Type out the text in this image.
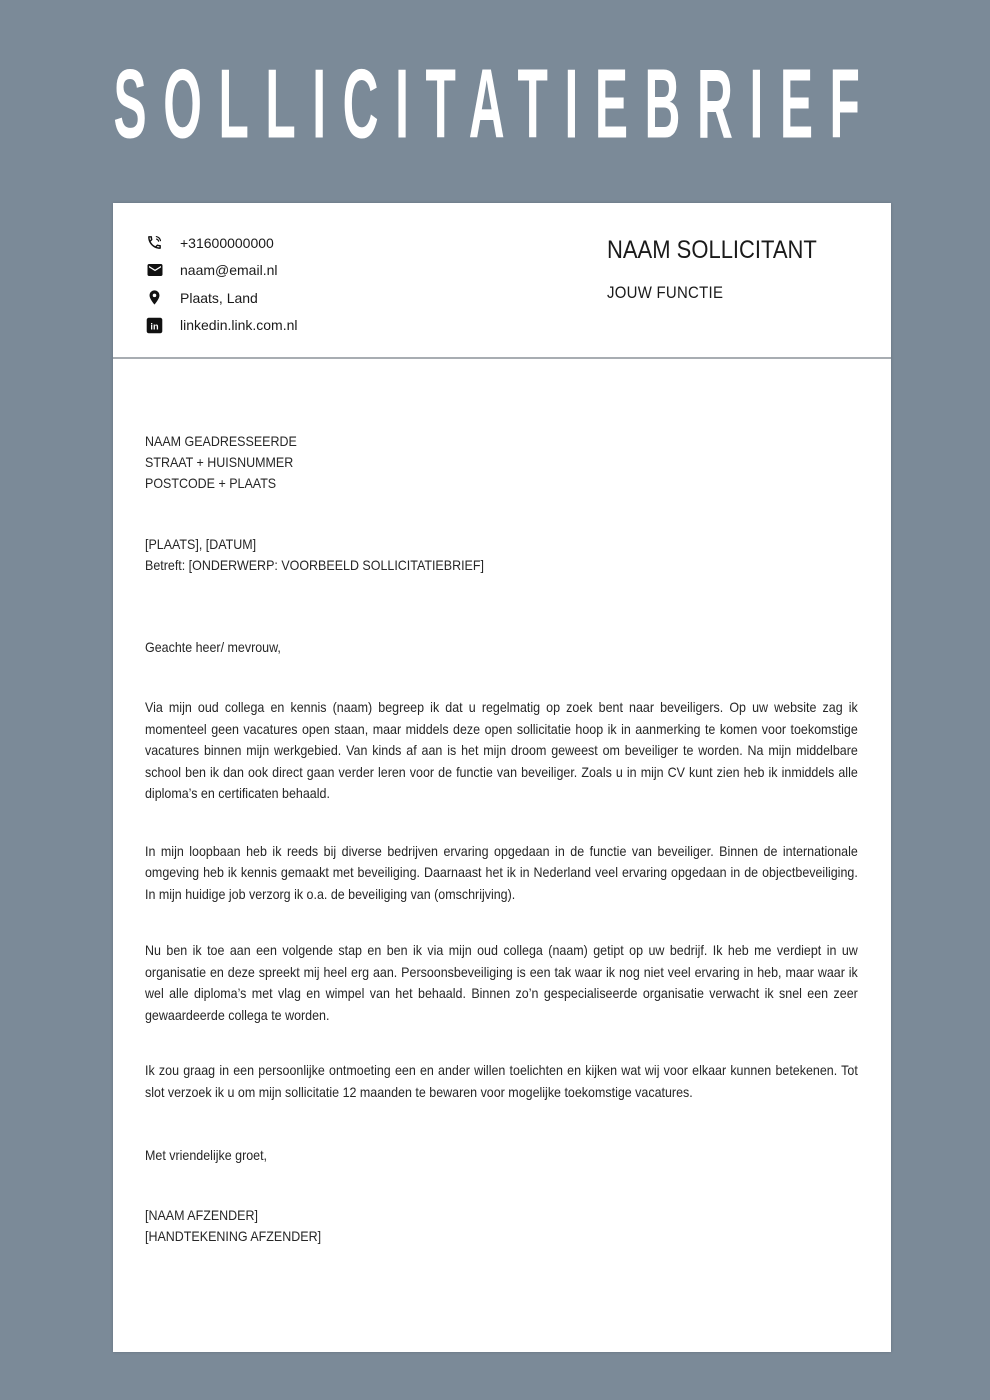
SOLLICITATIEBRIEF
+31600000000
naam@email.nl
Plaats, Land
in linkedin.link.com.nl
NAAM SOLLICITANT
JOUW FUNCTIE
NAAM GEADRESSEERDE
STRAAT + HUISNUMMER
POSTCODE + PLAATS
[PLAATS], [DATUM]
Betreft: [ONDERWERP: VOORBEELD SOLLICITATIEBRIEF]
Geachte heer/ mevrouw,

Via mijn oud collega en kennis (naam) begreep ik dat u regelmatig op zoek bent naar beveiligers. Op uw website zag ik momenteel geen vacatures open staan, maar middels deze open sollicitatie hoop ik in aanmerking te komen voor toekomstige vacatures binnen mijn werkgebied. Van kinds af aan is het mijn droom geweest om beveiliger te worden. Na mijn middelbare school ben ik dan ook direct gaan verder leren voor de functie van beveiliger. Zoals u in mijn CV kunt zien heb ik inmiddels alle diploma’s en certificaten behaald.

In mijn loopbaan heb ik reeds bij diverse bedrijven ervaring opgedaan in de functie van beveiliger. Binnen de internationale omgeving heb ik kennis gemaakt met beveiliging. Daarnaast het ik in Nederland veel ervaring opgedaan in de objectbeveiliging. In mijn huidige job verzorg ik o.a. de beveiliging van (omschrijving).

Nu ben ik toe aan een volgende stap en ben ik via mijn oud collega (naam) getipt op uw bedrijf. Ik heb me verdiept in uw organisatie en deze spreekt mij heel erg aan. Persoonsbeveiliging is een tak waar ik nog niet veel ervaring in heb, maar waar ik wel alle diploma’s met vlag en wimpel van het behaald. Binnen zo’n gespecialiseerde organisatie verwacht ik snel een zeer gewaardeerde collega te worden.

Ik zou graag in een persoonlijke ontmoeting een en ander willen toelichten en kijken wat wij voor elkaar kunnen betekenen. Tot slot verzoek ik u om mijn sollicitatie 12 maanden te bewaren voor mogelijke toekomstige vacatures.

Met vriendelijke groet,
[NAAM AFZENDER]
[HANDTEKENING AFZENDER]
